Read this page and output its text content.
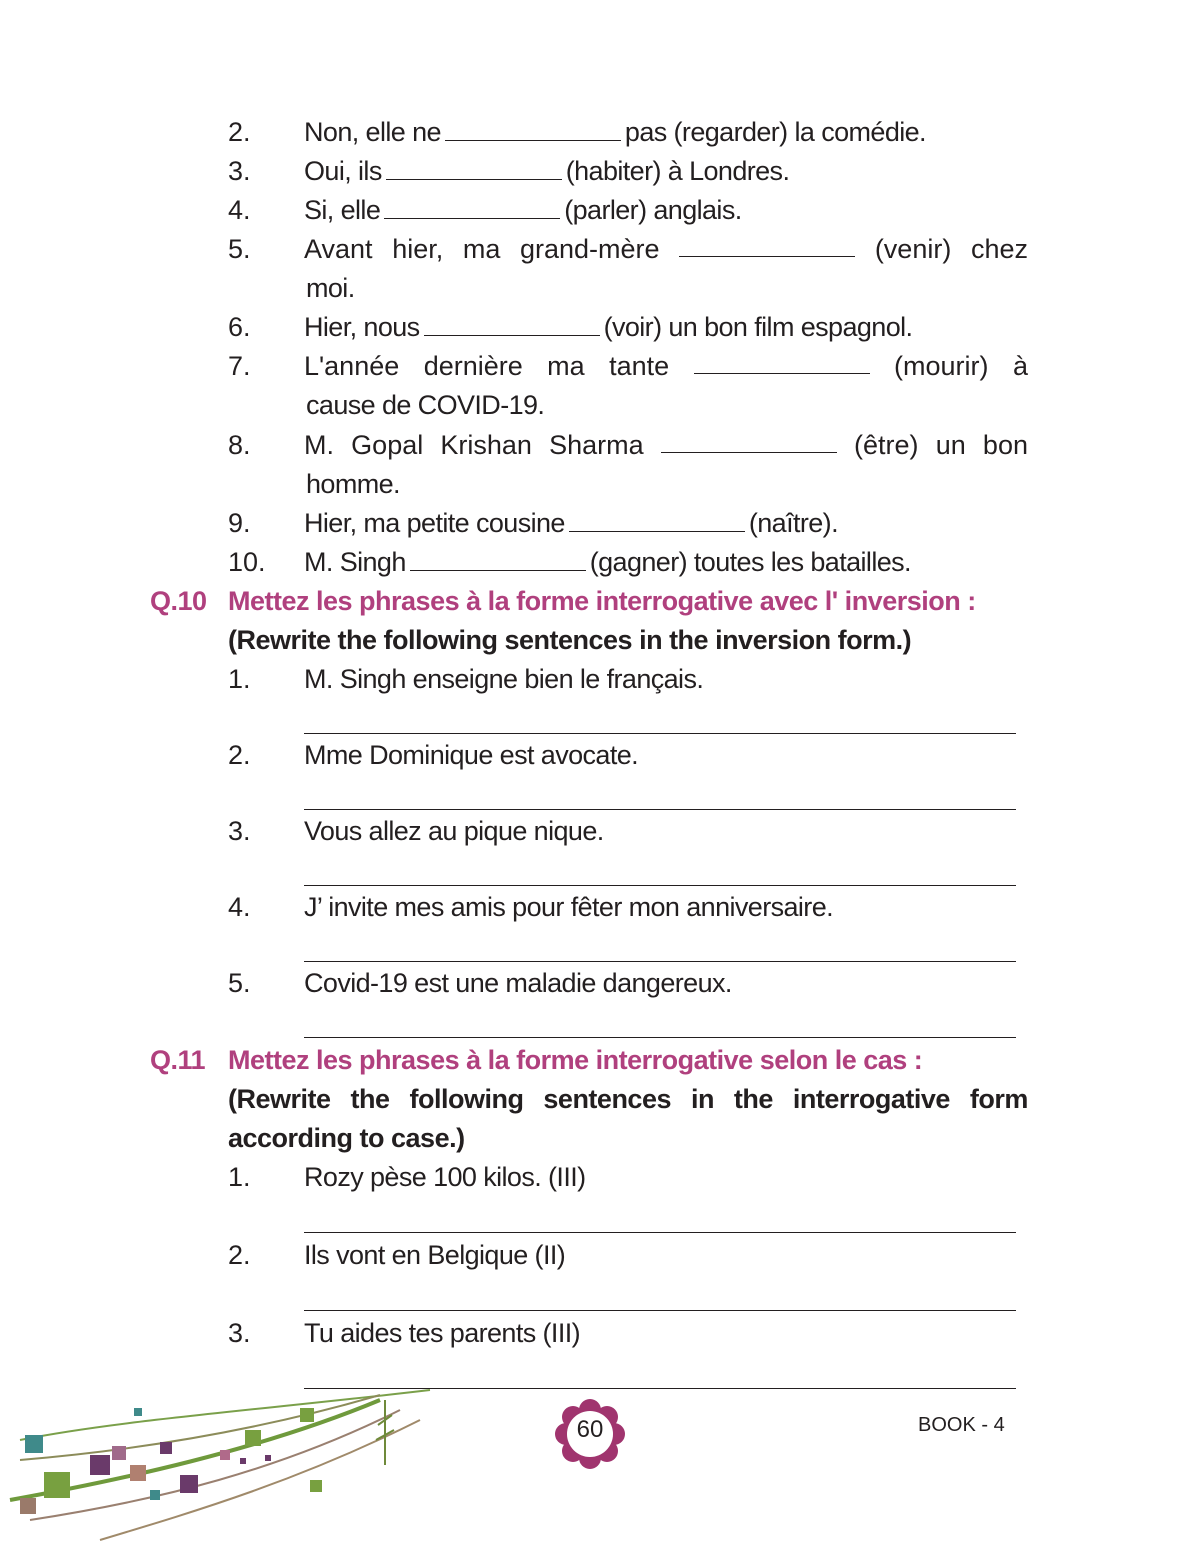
2. Non, elle ne	pas (regarder) la comédie.
3. Oui, ils	(habiter) à Londres.
4. Si, elle	(parler) anglais.
5. Avant hier, ma grand-mère	(venir) chez
moi.
6. Hier, nous	(voir) un bon film espagnol.
7. L'année dernière ma tante	(mourir) à
cause de COVID-19.
8. M. Gopal Krishan Sharma	(être) un bon
homme.
9. Hier, ma petite cousine	(naître).
10. M. Singh	(gagner) toutes les batailles.
Q.10 Mettez les phrases à la forme interrogative avec l' inversion :
(Rewrite the following sentences in the inversion form.)
1. M. Singh enseigne bien le français.
2. Mme Dominique est avocate.
3. Vous allez au pique nique.
4. J’ invite mes amis pour fêter mon anniversaire.
5. Covid-19 est une maladie dangereux.
Q.11 Mettez les phrases à la forme interrogative selon le cas :
(Rewrite the following sentences in the interrogative form
according to case.)
1. Rozy pèse 100 kilos. (III)
2. Ils vont en Belgique (II)
3. Tu aides tes parents (III)
60	BOOK - 4
